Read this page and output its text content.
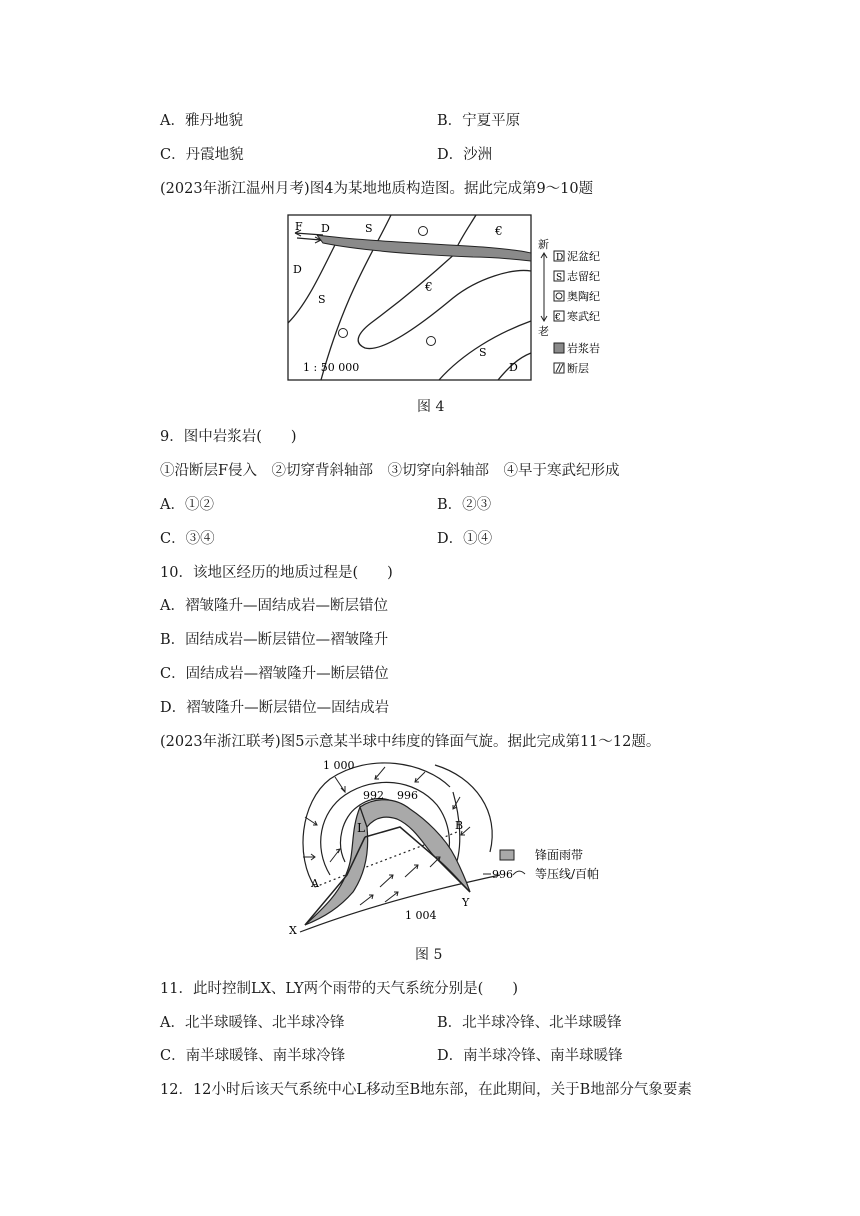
A．雅丹地貌	B．宁夏平原
C．丹霞地貌	D．沙洲
(2023年浙江温州月考)图4为某地地质构造图。据此完成第9～10题
F D	S	€
D
S
€
S
D
1 : 50 000
新
老
D 泥盆纪
S 志留纪
奥陶纪
€ 寒武纪
岩浆岩
断层
图 4
9．图中岩浆岩(　　)
①沿断层F侵入　②切穿背斜轴部　③切穿向斜轴部　④早于寒武纪形成
A．①②	B．②③
C．③④	D．①④
10．该地区经历的地质过程是(　　)
A．褶皱隆升—固结成岩—断层错位
B．固结成岩—断层错位—褶皱隆升
C．固结成岩—褶皱隆升—断层错位
D．褶皱隆升—断层错位—固结成岩
(2023年浙江联考)图5示意某半球中纬度的锋面气旋。据此完成第11～12题。
1 000
992 996
1 004
L
A
B
X
Y
锋面雨带
996 等压线/百帕
图 5
11．此时控制LX、LY两个雨带的天气系统分别是(　　)
A．北半球暖锋、北半球冷锋	B．北半球冷锋、北半球暖锋
C．南半球暖锋、南半球冷锋	D．南半球冷锋、南半球暖锋
12．12小时后该天气系统中心L移动至B地东部，在此期间，关于B地部分气象要素
